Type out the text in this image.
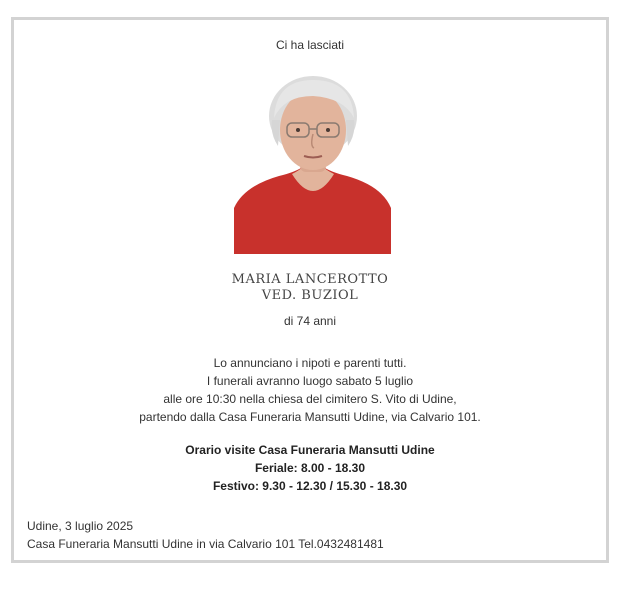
Ci ha lasciati
MARIA LANCEROTTO
VED. BUZIOL
di 74 anni
Lo annunciano i nipoti e parenti tutti.
I funerali avranno luogo sabato 5 luglio
alle ore 10:30 nella chiesa del cimitero S. Vito di Udine,
partendo dalla Casa Funeraria Mansutti Udine, via Calvario 101.
Orario visite Casa Funeraria Mansutti Udine
Feriale: 8.00 - 18.30
Festivo: 9.30 - 12.30 / 15.30 - 18.30
Udine, 3 luglio 2025
Casa Funeraria Mansutti Udine in via Calvario 101 Tel.0432481481
